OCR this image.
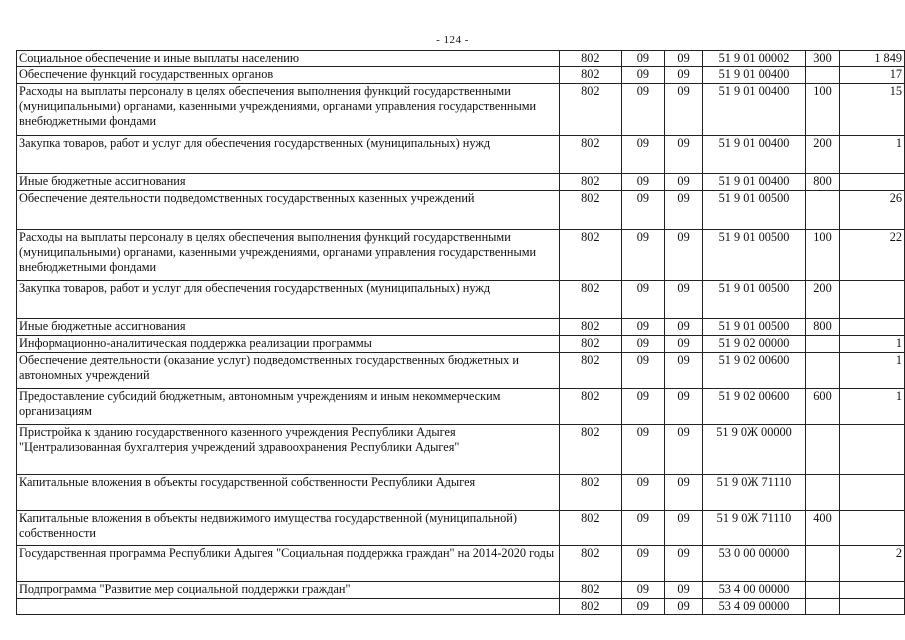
- 124 -
Социальное обеспечение и иные выплаты населению	802	09	09	51 9 01 00002	300	1 849
Обеспечение функций государственных органов	802	09	09	51 9 01 00400		17
Расходы на выплаты персоналу в целях обеспечения выполнения функций государственными (муниципальными) органами, казенными учреждениями, органами управления государственными внебюджетными фондами	802	09	09	51 9 01 00400	100	15
Закупка товаров, работ и услуг для обеспечения государственных (муниципальных) нужд	802	09	09	51 9 01 00400	200	1
Иные бюджетные ассигнования	802	09	09	51 9 01 00400	800	
Обеспечение деятельности подведомственных государственных казенных учреждений	802	09	09	51 9 01 00500		26
Расходы на выплаты персоналу в целях обеспечения выполнения функций государственными (муниципальными) органами, казенными учреждениями, органами управления государственными внебюджетными фондами	802	09	09	51 9 01 00500	100	22
Закупка товаров, работ и услуг для обеспечения государственных (муниципальных) нужд	802	09	09	51 9 01 00500	200	
Иные бюджетные ассигнования	802	09	09	51 9 01 00500	800	
Информационно-аналитическая поддержка реализации программы	802	09	09	51 9 02 00000		1
Обеспечение деятельности (оказание услуг) подведомственных государственных бюджетных и автономных учреждений	802	09	09	51 9 02 00600		1
Предоставление субсидий бюджетным, автономным учреждениям и иным некоммерческим организациям	802	09	09	51 9 02 00600	600	1
Пристройка к зданию государственного казенного учреждения Республики Адыгея "Централизованная бухгалтерия учреждений здравоохранения Республики Адыгея"	802	09	09	51 9 0Ж 00000		
Капитальные вложения в объекты государственной собственности Республики Адыгея	802	09	09	51 9 0Ж 71110		
Капитальные вложения в объекты недвижимого имущества государственной (муниципальной) собственности	802	09	09	51 9 0Ж 71110	400	
Государственная программа Республики Адыгея "Социальная поддержка граждан" на 2014-2020 годы	802	09	09	53 0 00 00000		2
Подпрограмма "Развитие мер социальной поддержки граждан"	802	09	09	53 4 00 00000		
	802	09	09	53 4 09 00000		
